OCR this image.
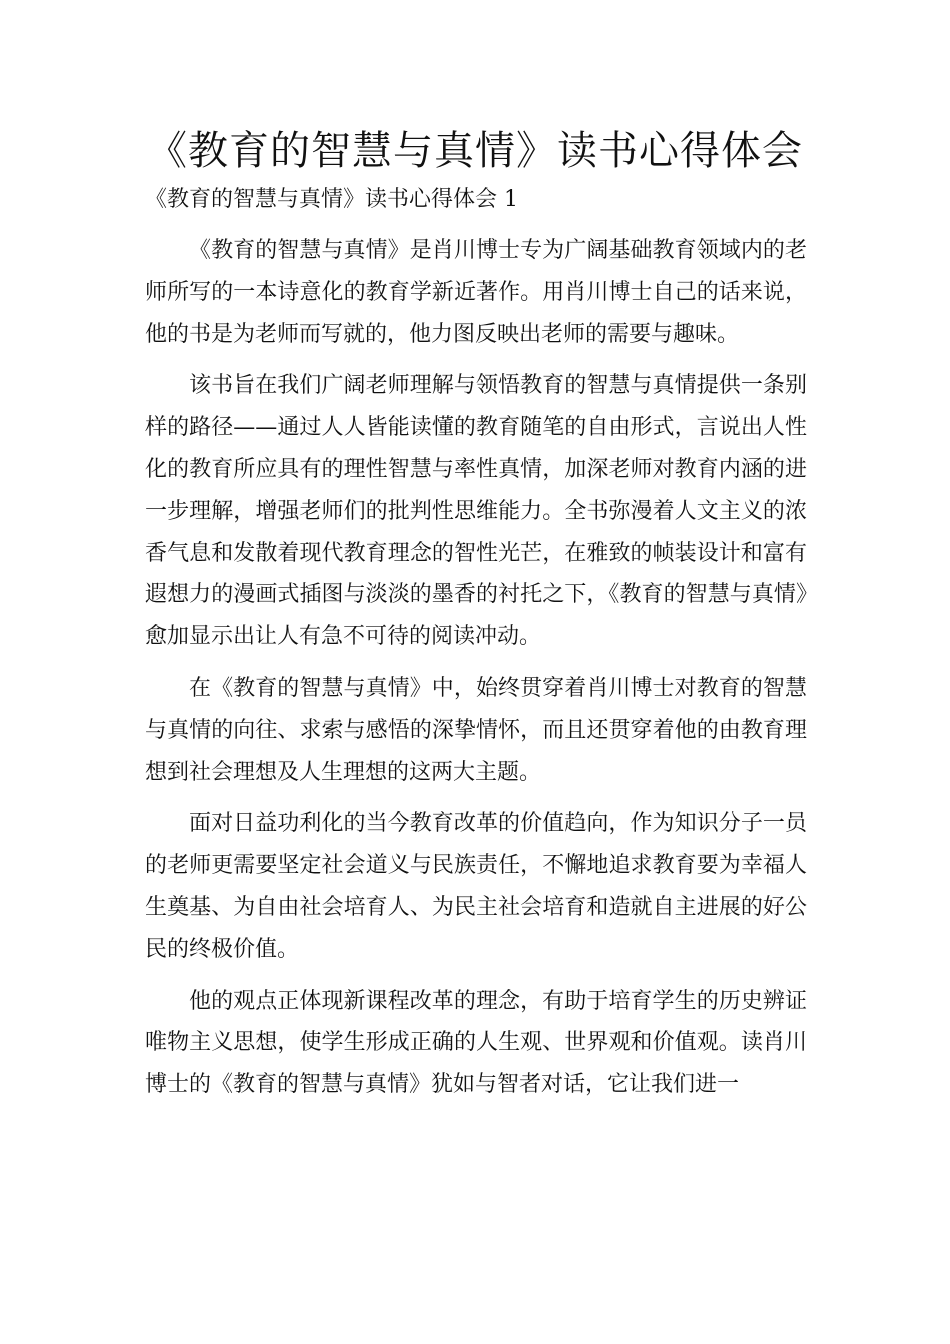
《教育的智慧与真情》读书心得体会
《教育的智慧与真情》读书心得体会 1

《教育的智慧与真情》是肖川博士专为广阔基础教育领域内的老师所写的一本诗意化的教育学新近著作。用肖川博士自己的话来说，他的书是为老师而写就的，他力图反映出老师的需要与趣味。

该书旨在我们广阔老师理解与领悟教育的智慧与真情提供一条别样的路径——通过人人皆能读懂的教育随笔的自由形式，言说出人性化的教育所应具有的理性智慧与率性真情，加深老师对教育内涵的进一步理解，增强老师们的批判性思维能力。全书弥漫着人文主义的浓香气息和发散着现代教育理念的智性光芒，在雅致的帧装设计和富有遐想力的漫画式插图与淡淡的墨香的衬托之下，《教育的智慧与真情》愈加显示出让人有急不可待的阅读冲动。

在《教育的智慧与真情》中，始终贯穿着肖川博士对教育的智慧与真情的向往、求索与感悟的深挚情怀，而且还贯穿着他的由教育理想到社会理想及人生理想的这两大主题。

面对日益功利化的当今教育改革的价值趋向，作为知识分子一员的老师更需要坚定社会道义与民族责任，不懈地追求教育要为幸福人生奠基、为自由社会培育人、为民主社会培育和造就自主进展的好公民的终极价值。

他的观点正体现新课程改革的理念，有助于培育学生的历史辨证唯物主义思想，使学生形成正确的人生观、世界观和价值观。读肖川博士的《教育的智慧与真情》犹如与智者对话，它让我们进一
